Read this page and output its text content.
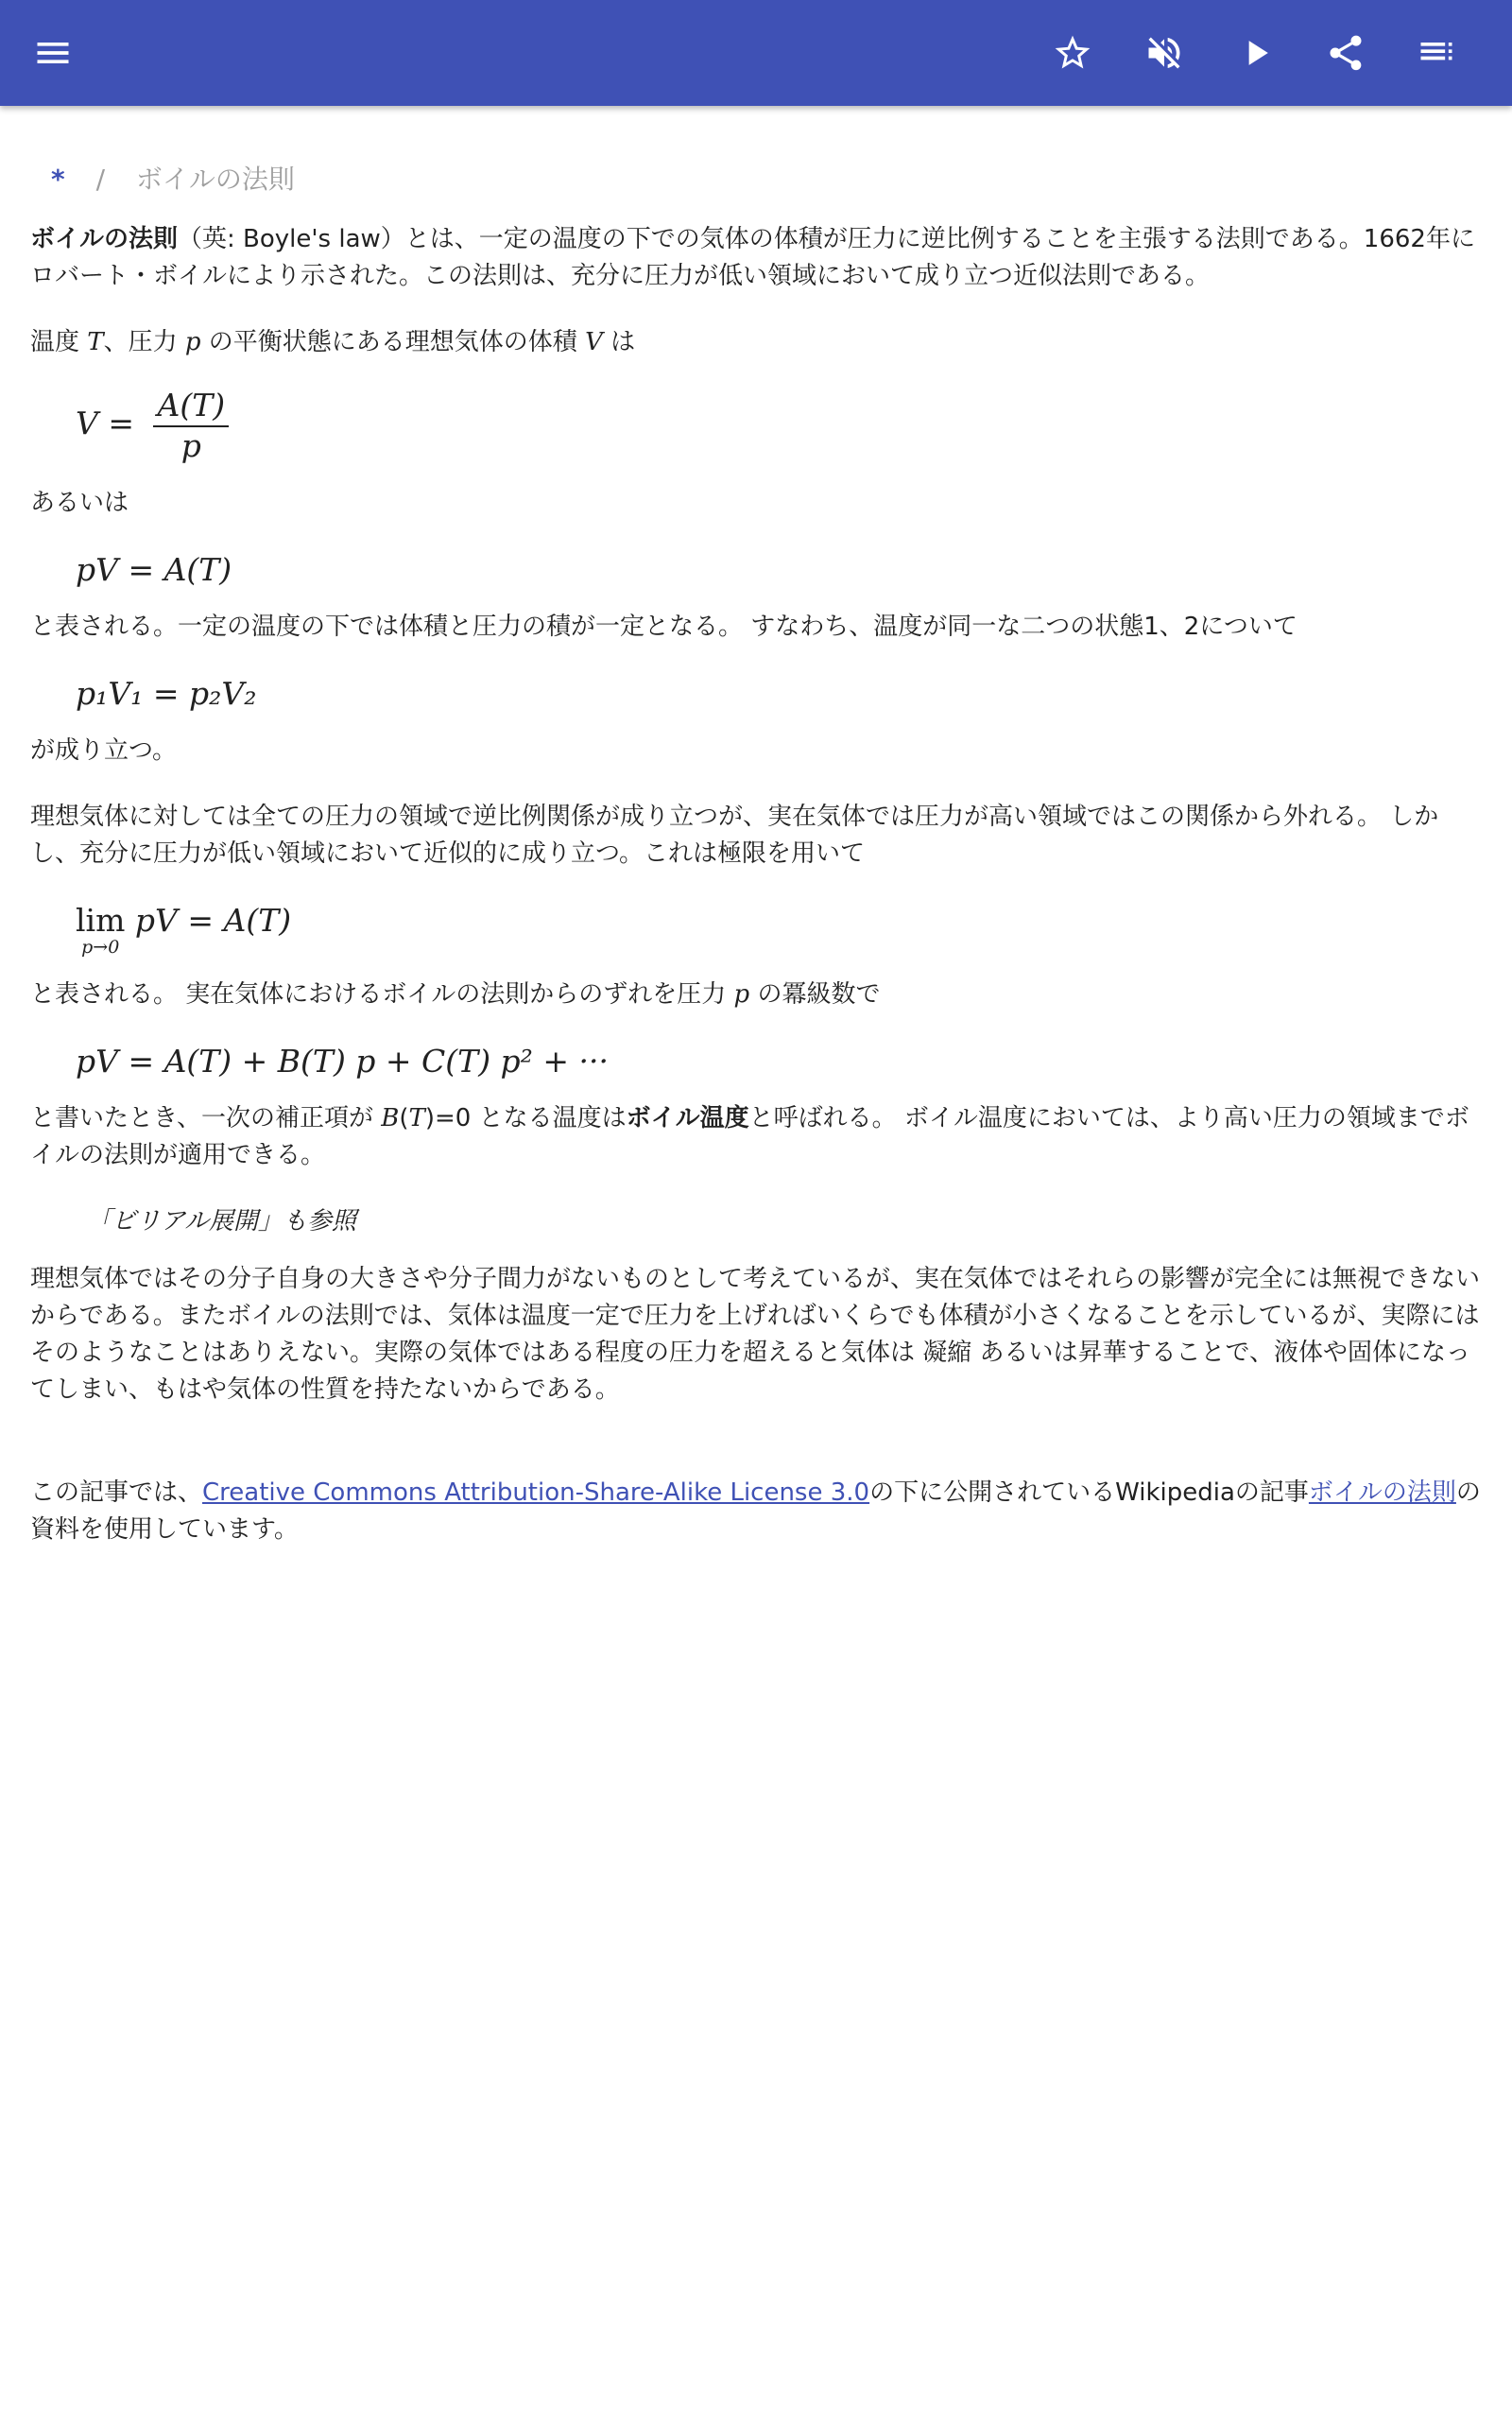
* / ボイルの法則

ボイルの法則（英: Boyle's law）とは、一定の温度の下での気体の体積が圧力に逆比例することを主張する法則である。1662年にロバート・ボイルにより示された。この法則は、充分に圧力が低い領域において成り立つ近似法則である。

温度 T、圧力 p の平衡状態にある理想気体の体積 V は

$V = \frac{A(T)}{p}$

あるいは

pV = A(T)

と表される。一定の温度の下では体積と圧力の積が一定となる。 すなわち、温度が同一な二つの状態1、2について

p₁V₁ = p₂V₂

が成り立つ。

理想気体に対しては全ての圧力の領域で逆比例関係が成り立つが、実在気体では圧力が高い領域ではこの関係から外れる。 しかし、充分に圧力が低い領域において近似的に成り立つ。これは極限を用いて

lim
p→0
pV = A(T)

と表される。 実在気体におけるボイルの法則からのずれを圧力 p の冪級数で

pV = A(T) + B(T) p + C(T) p² + ···

と書いたとき、一次の補正項が B(T)=0 となる温度はボイル温度と呼ばれる。 ボイル温度においては、より高い圧力の領域までボイルの法則が適用できる。

「ビリアル展開」も参照

理想気体ではその分子自身の大きさや分子間力がないものとして考えているが、実在気体ではそれらの影響が完全には無視できないからである。またボイルの法則では、気体は温度一定で圧力を上げればいくらでも体積が小さくなることを示しているが、実際にはそのようなことはありえない。実際の気体ではある程度の圧力を超えると気体は 凝縮 あるいは昇華することで、液体や固体になってしまい、もはや気体の性質を持たないからである。

この記事では、Creative Commons Attribution-Share-Alike License 3.0の下に公開されているWikipediaの記事ボイルの法則の資料を使用しています。
